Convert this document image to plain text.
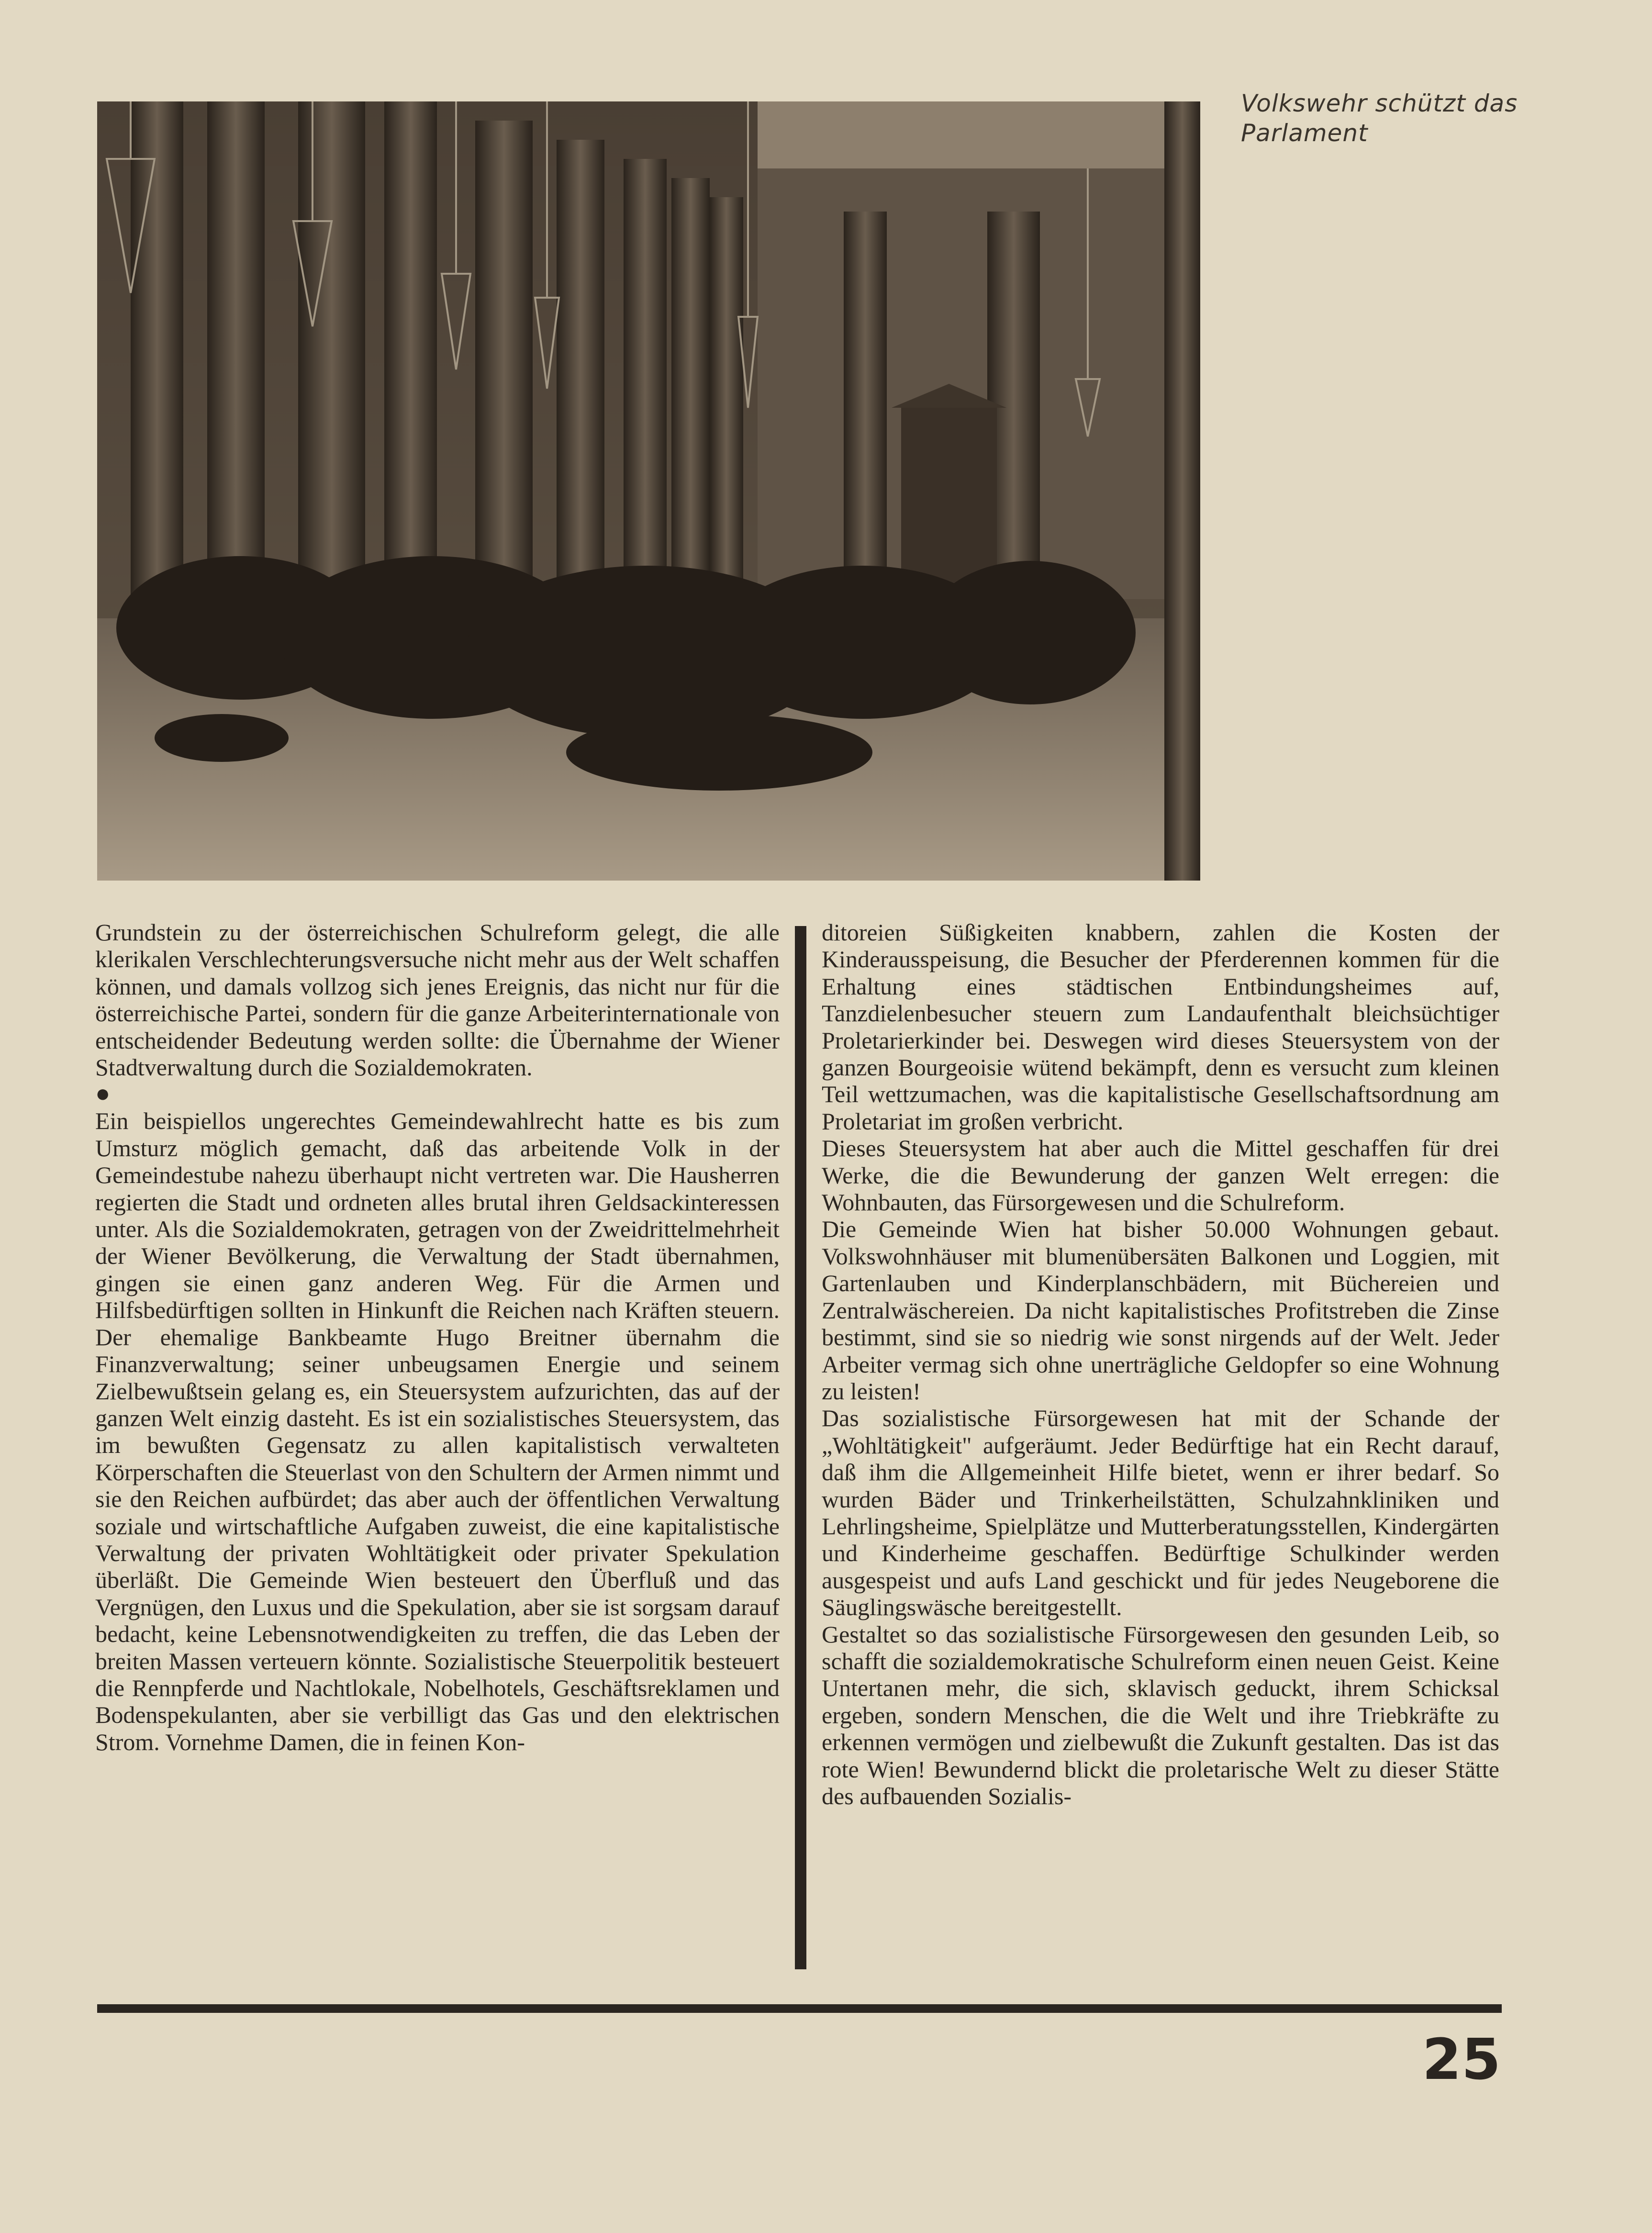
Volkswehr schützt das Parlament

Grundstein zu der österreichischen Schulreform gelegt, die alle klerikalen Verschlechterungsversuche nicht mehr aus der Welt schaffen können, und damals vollzog sich jenes Ereignis, das nicht nur für die österreichische Partei, sondern für die ganze Arbeiterinternationale von entscheidender Bedeutung werden sollte: die Übernahme der Wiener Stadtverwaltung durch die Sozialdemokraten.

●

Ein beispiellos ungerechtes Gemeindewahlrecht hatte es bis zum Umsturz möglich gemacht, daß das arbeitende Volk in der Gemeindestube nahezu überhaupt nicht vertreten war. Die Hausherren regierten die Stadt und ordneten alles brutal ihren Geldsackinteressen unter. Als die Sozialdemokraten, getragen von der Zweidrittelmehrheit der Wiener Bevölkerung, die Verwaltung der Stadt übernahmen, gingen sie einen ganz anderen Weg. Für die Armen und Hilfsbedürftigen sollten in Hinkunft die Reichen nach Kräften steuern. Der ehemalige Bankbeamte Hugo Breitner übernahm die Finanzverwaltung; seiner unbeugsamen Energie und seinem Zielbewußtsein gelang es, ein Steuersystem aufzurichten, das auf der ganzen Welt einzig dasteht. Es ist ein sozialistisches Steuersystem, das im bewußten Gegensatz zu allen kapitalistisch verwalteten Körperschaften die Steuerlast von den Schultern der Armen nimmt und sie den Reichen aufbürdet; das aber auch der öffentlichen Verwaltung soziale und wirtschaftliche Aufgaben zuweist, die eine kapitalistische Verwaltung der privaten Wohltätigkeit oder privater Spekulation überläßt. Die Gemeinde Wien besteuert den Überfluß und das Vergnügen, den Luxus und die Spekulation, aber sie ist sorgsam darauf bedacht, keine Lebensnotwendigkeiten zu treffen, die das Leben der breiten Massen verteuern könnte. Sozialistische Steuerpolitik besteuert die Rennpferde und Nachtlokale, Nobelhotels, Geschäftsreklamen und Bodenspekulanten, aber sie verbilligt das Gas und den elektrischen Strom. Vornehme Damen, die in feinen Kon-

ditoreien Süßigkeiten knabbern, zahlen die Kosten der Kinderausspeisung, die Besucher der Pferderennen kommen für die Erhaltung eines städtischen Entbindungsheimes auf, Tanzdielenbesucher steuern zum Landaufenthalt bleichsüchtiger Proletarierkinder bei. Deswegen wird dieses Steuersystem von der ganzen Bourgeoisie wütend bekämpft, denn es versucht zum kleinen Teil wettzumachen, was die kapitalistische Gesellschaftsordnung am Proletariat im großen verbricht.

Dieses Steuersystem hat aber auch die Mittel geschaffen für drei Werke, die die Bewunderung der ganzen Welt erregen: die Wohnbauten, das Fürsorgewesen und die Schulreform.

Die Gemeinde Wien hat bisher 50.000 Wohnungen gebaut. Volkswohnhäuser mit blumenübersäten Balkonen und Loggien, mit Gartenlauben und Kinderplanschbädern, mit Büchereien und Zentralwäschereien. Da nicht kapitalistisches Profitstreben die Zinse bestimmt, sind sie so niedrig wie sonst nirgends auf der Welt. Jeder Arbeiter vermag sich ohne unerträgliche Geldopfer so eine Wohnung zu leisten!

Das sozialistische Fürsorgewesen hat mit der Schande der „Wohltätigkeit" aufgeräumt. Jeder Bedürftige hat ein Recht darauf, daß ihm die Allgemeinheit Hilfe bietet, wenn er ihrer bedarf. So wurden Bäder und Trinkerheilstätten, Schulzahnkliniken und Lehrlingsheime, Spielplätze und Mutterberatungsstellen, Kindergärten und Kinderheime geschaffen. Bedürftige Schulkinder werden ausgespeist und aufs Land geschickt und für jedes Neugeborene die Säuglingswäsche bereitgestellt.

Gestaltet so das sozialistische Fürsorgewesen den gesunden Leib, so schafft die sozialdemokratische Schulreform einen neuen Geist. Keine Untertanen mehr, die sich, sklavisch geduckt, ihrem Schicksal ergeben, sondern Menschen, die die Welt und ihre Triebkräfte zu erkennen vermögen und zielbewußt die Zukunft gestalten. Das ist das rote Wien! Bewundernd blickt die proletarische Welt zu dieser Stätte des aufbauenden Sozialis-

25
